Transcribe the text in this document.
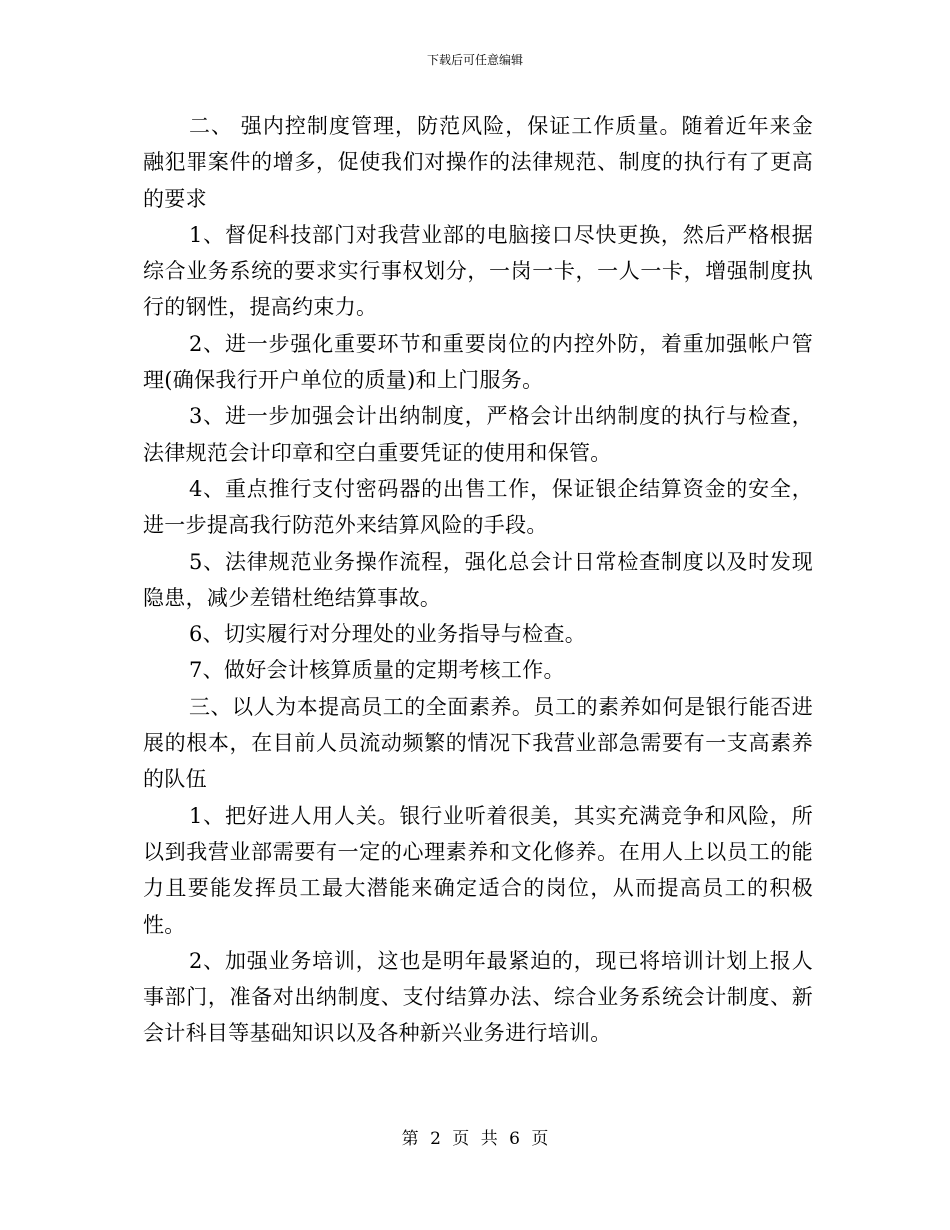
下载后可任意编辑

二、 强内控制度管理，防范风险，保证工作质量。随着近年来金融犯罪案件的增多，促使我们对操作的法律规范、制度的执行有了更高的要求

1、督促科技部门对我营业部的电脑接口尽快更换，然后严格根据综合业务系统的要求实行事权划分，一岗一卡，一人一卡，增强制度执行的钢性，提高约束力。

2、进一步强化重要环节和重要岗位的内控外防，着重加强帐户管理(确保我行开户单位的质量)和上门服务。

3、进一步加强会计出纳制度，严格会计出纳制度的执行与检查，法律规范会计印章和空白重要凭证的使用和保管。

4、重点推行支付密码器的出售工作，保证银企结算资金的安全，进一步提高我行防范外来结算风险的手段。

5、法律规范业务操作流程，强化总会计日常检查制度以及时发现隐患，减少差错杜绝结算事故。

6、切实履行对分理处的业务指导与检查。

7、做好会计核算质量的定期考核工作。

三、以人为本提高员工的全面素养。员工的素养如何是银行能否进展的根本，在目前人员流动频繁的情况下我营业部急需要有一支高素养的队伍

1、把好进人用人关。银行业听着很美，其实充满竞争和风险，所以到我营业部需要有一定的心理素养和文化修养。在用人上以员工的能力且要能发挥员工最大潜能来确定适合的岗位，从而提高员工的积极性。

2、加强业务培训，这也是明年最紧迫的，现已将培训计划上报人事部门，准备对出纳制度、支付结算办法、综合业务系统会计制度、新会计科目等基础知识以及各种新兴业务进行培训。

第 2 页 共 6 页
